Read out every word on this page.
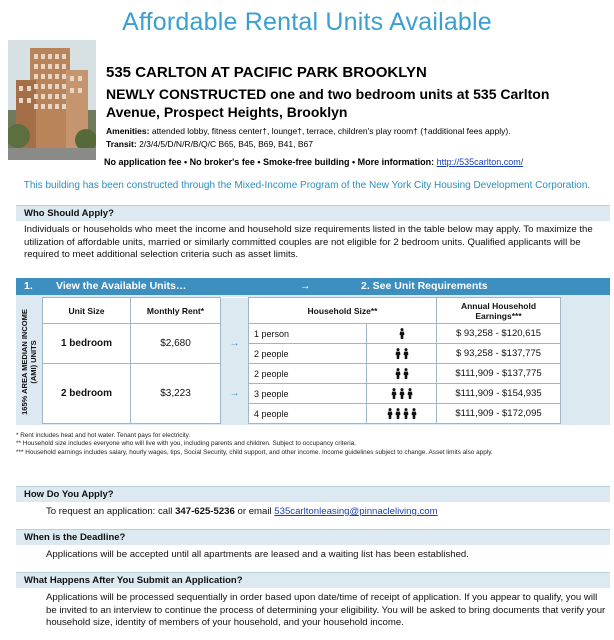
Affordable Rental Units Available
535 CARLTON AT PACIFIC PARK BROOKLYN
NEWLY CONSTRUCTED one and two bedroom units at 535 Carlton Avenue, Prospect Heights, Brooklyn
Amenities: attended lobby, fitness center†, lounge†, terrace, children's play room† (†additional fees apply).
Transit: 2/3/4/5/D/N/R/B/Q/C B65, B45, B69, B41, B67
No application fee • No broker's fee • Smoke-free building • More information: http://535carlton.com/
This building has been constructed through the Mixed-Income Program of the New York City Housing Development Corporation.
Who Should Apply?
Individuals or households who meet the income and household size requirements listed in the table below may apply. To maximize the utilization of affordable units, married or similarly committed couples are not eligible for 2 bedroom units. Qualified applicants will be required to meet additional selection criteria such as asset limits.
1. View the Available Units…	→	2. See Unit Requirements
165% AREA MEDIAN INCOME (AMI) UNITS
Unit Size	Monthly Rent*		Household Size**		Annual Household Earnings***
1 bedroom	$2,680	→	1 person		$ 93,258 - $120,615
			2 people		$ 93,258 - $137,775
2 bedroom	$3,223	→	2 people		$111,909 - $137,775
			3 people		$111,909 - $154,935
			4 people		$111,909 - $172,095
* Rent includes heat and hot water. Tenant pays for electricity.
** Household size includes everyone who will live with you, including parents and children. Subject to occupancy criteria.
*** Household earnings includes salary, hourly wages, tips, Social Security, child support, and other income. Income guidelines subject to change. Asset limits also apply.
How Do You Apply?
To request an application: call 347-625-5236 or email 535carltonleasing@pinnacleliving.com
When is the Deadline?
Applications will be accepted until all apartments are leased and a waiting list has been established.
What Happens After You Submit an Application?
Applications will be processed sequentially in order based upon date/time of receipt of application. If you appear to qualify, you will be invited to an interview to continue the process of determining your eligibility. You will be asked to bring documents that verify your household size, identity of members of your household, and your household income.
